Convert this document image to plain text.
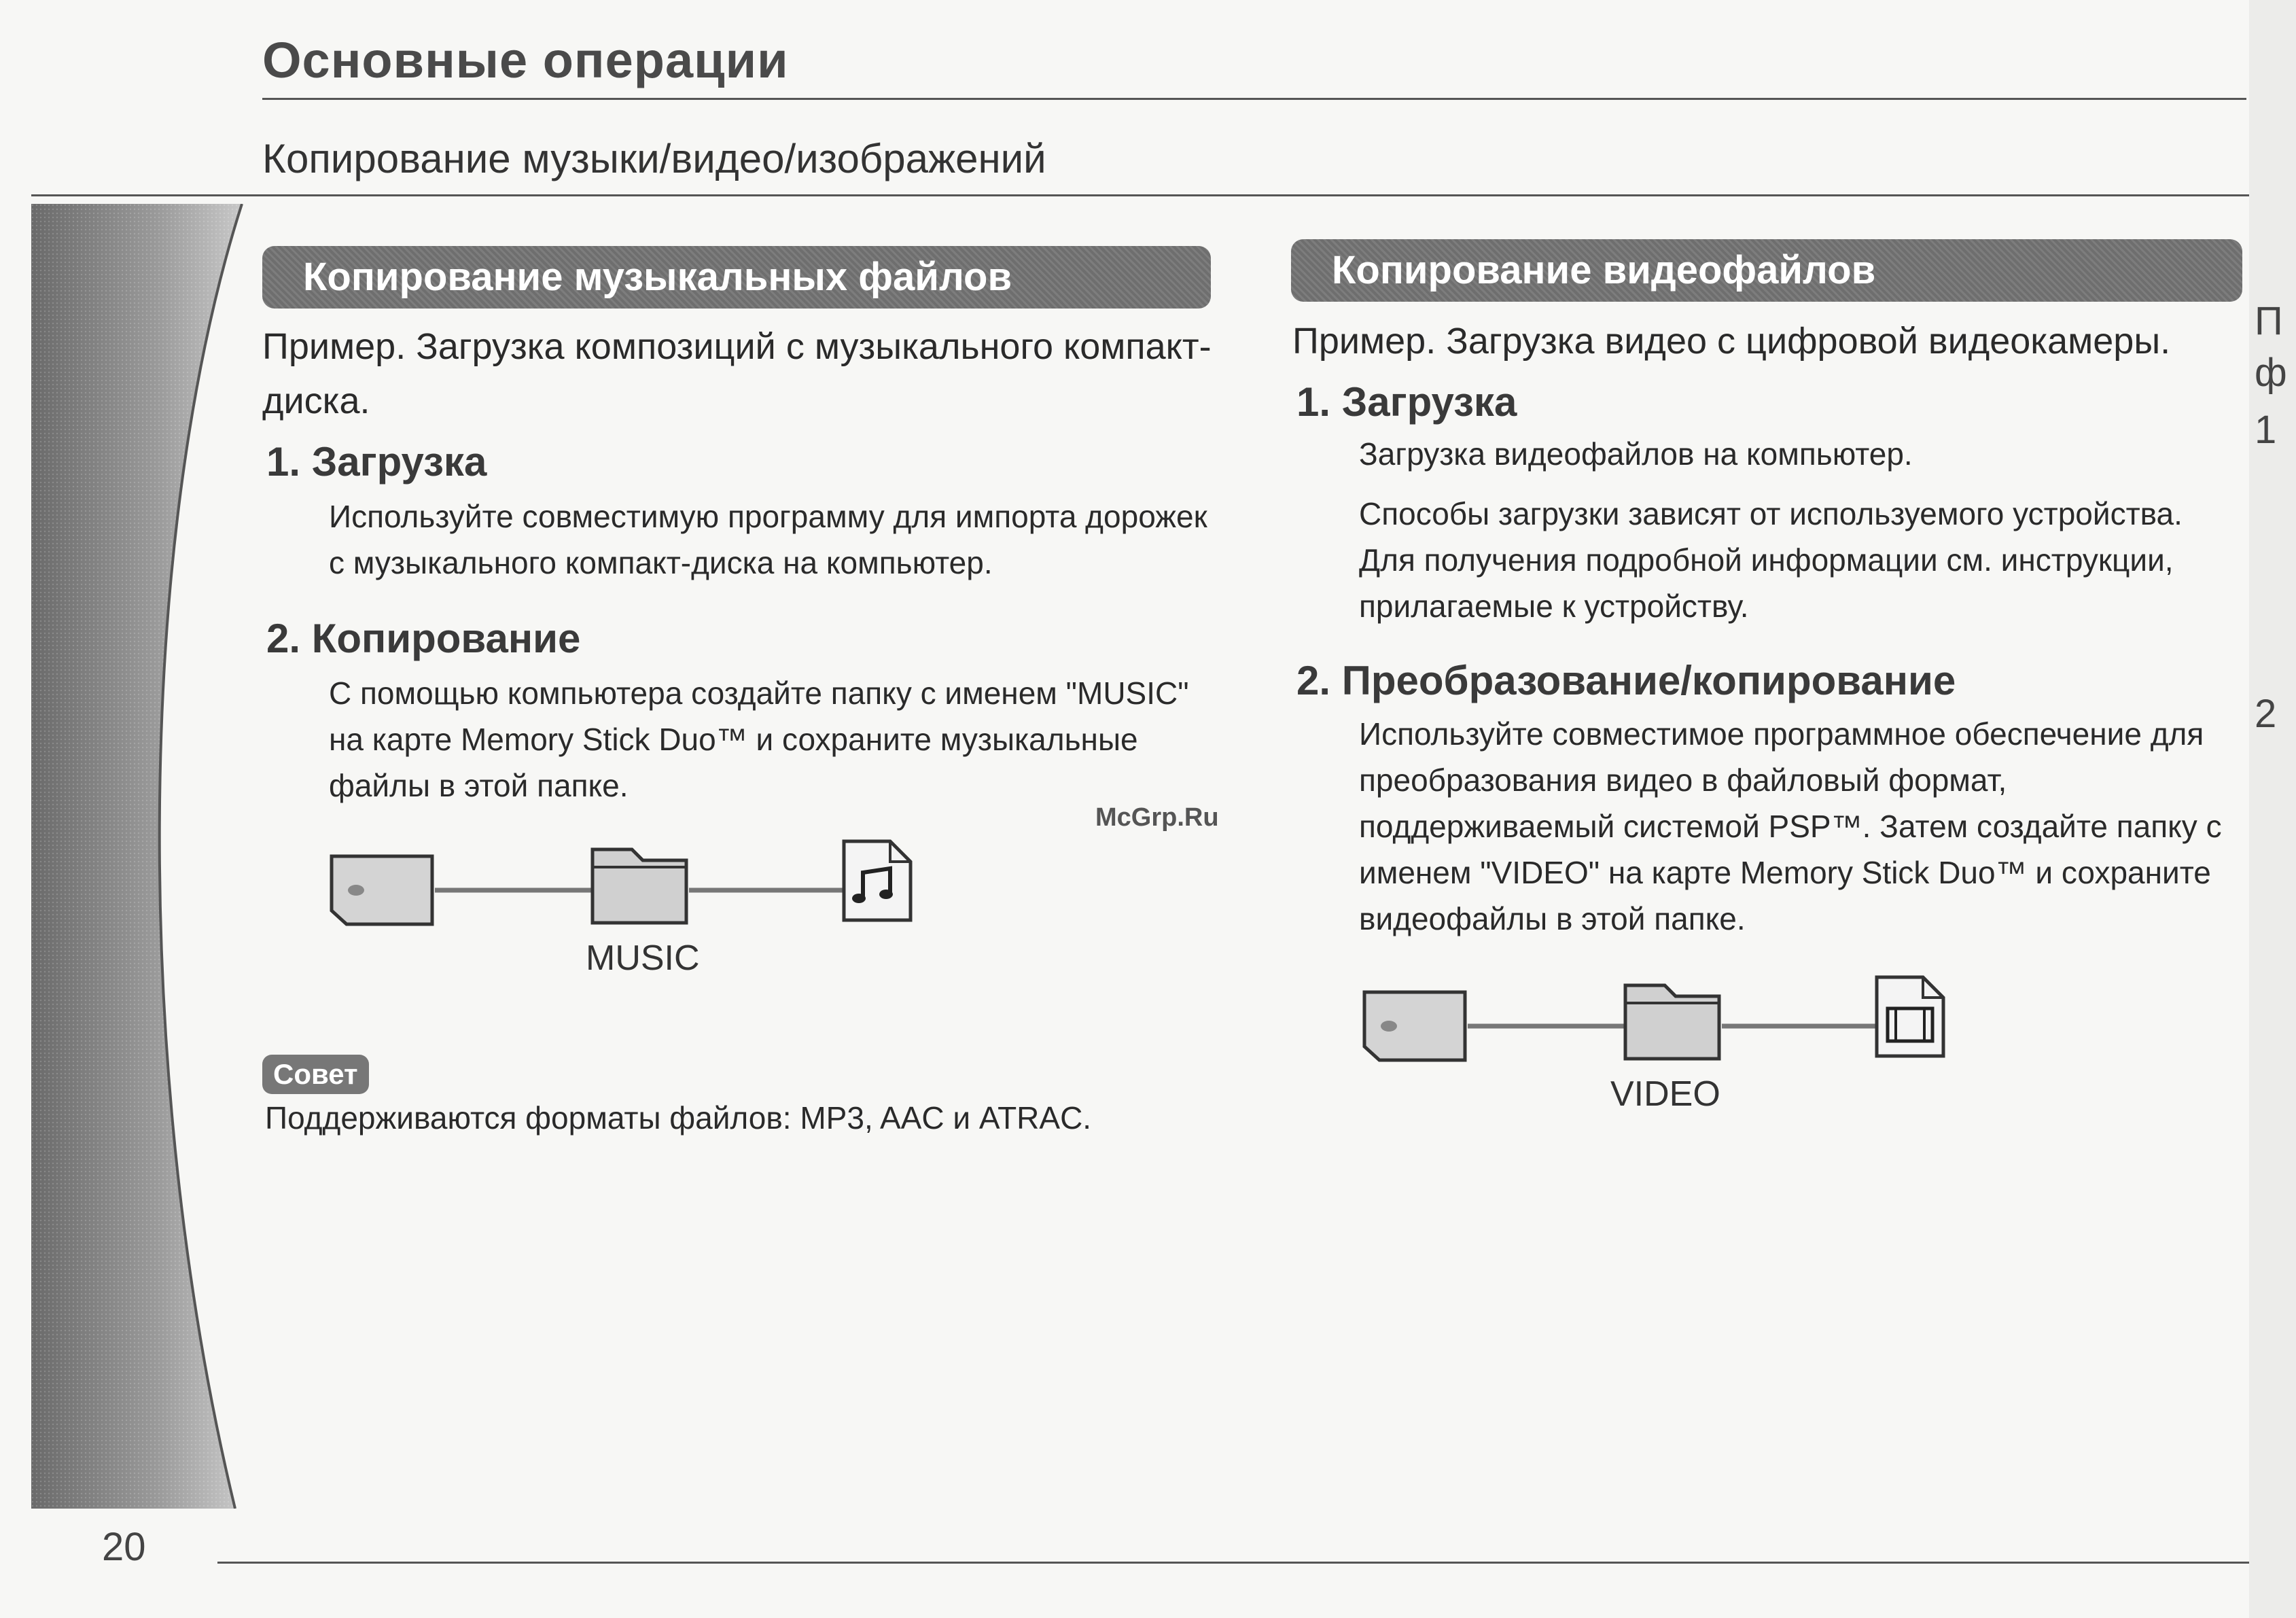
Основные операции
Копирование музыки/видео/изображений
Копирование музыкальных файлов
Пример. Загрузка композиций с музыкального компакт-диска.
1. Загрузка
Используйте совместимую программу для импорта дорожек с музыкального компакт-диска на компьютер.
2. Копирование
С помощью компьютера создайте папку с именем "MUSIC" на карте Memory Stick Duo™ и сохраните музыкальные файлы в этой папке.
McGrp.Ru
MUSIC
Совет
Поддерживаются форматы файлов: MP3, AAC и ATRAC.
Копирование видеофайлов
Пример. Загрузка видео с цифровой видеокамеры.
1. Загрузка
Загрузка видеофайлов на компьютер.
Способы загрузки зависят от используемого устройства. Для получения подробной информации см. инструкции, прилагаемые к устройству.
2. Преобразование/копирование
Используйте совместимое программное обеспечение для преобразования видео в файловый формат, поддерживаемый системой PSP™. Затем создайте папку с именем "VIDEO" на карте Memory Stick Duo™ и сохраните видеофайлы в этой папке.
VIDEO
20
П
ф
1
2
